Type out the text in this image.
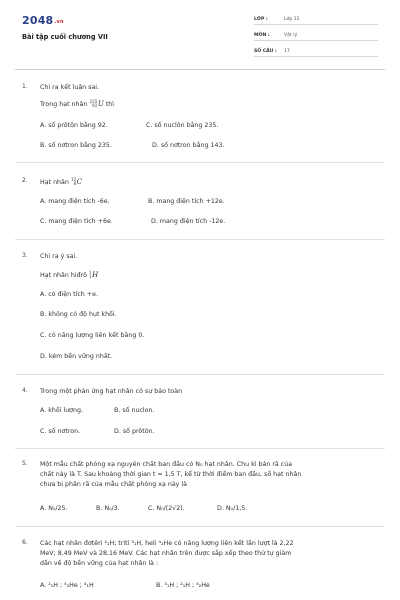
2048.vn
Bài tập cuối chương VII
LỚP :	Lớp 12
MÔN :	Vật lý
SỐ CÂU : 17
1. Chỉ ra kết luận sai.
Trong hạt nhân 235
92 U thì
A. số prôtôn bằng 92.	C. số nuclôn bằng 235.
B. số nơtron bằng 235.	D. số nơtron bằng 143.
2. Hạt nhân 12
6 C
A. mang điện tích -6e.	B. mang điện tích +12e.
C. mang điện tích +6e.	D. mang điện tích -12e.
3. Chỉ ra ý sai.
Hạt nhân hiđrô 1
1 H
A. có điện tích +e.
B. không có độ hụt khối.
C. có năng lượng liên kết bằng 0.
D. kém bền vững nhất.
4. Trong một phản ứng hạt nhân có sự bảo toàn
A. khối lượng.	B. số nuclon.
C. số nơtron.	D. số prôtôn.
5. Một mẫu chất phóng xạ nguyên chất ban đầu có N₀ hạt nhân. Chu kì bán rã của
chất này là T. Sau khoảng thời gian t = 1,5 T, kể từ thời điểm ban đầu, số hạt nhân
chưa bị phân rã của mẫu chất phóng xạ này là
A. N₀/25.	B. N₀/3.	C. N₀/(2√2).	D. N₀/1,5.
6. Các hạt nhân đơtêri ²₁H; triti ³₁H, heli ⁴₂He có năng lượng liên kết lần lượt là 2,22
MeV; 8,49 MeV và 28,16 MeV. Các hạt nhân trên được sắp xếp theo thứ tự giảm
dần về độ bền vững của hạt nhân là :
A. ²₁H ; ⁴₂He ; ³₁H	B. ³₁H ; ²₁H ; ⁴₂He
